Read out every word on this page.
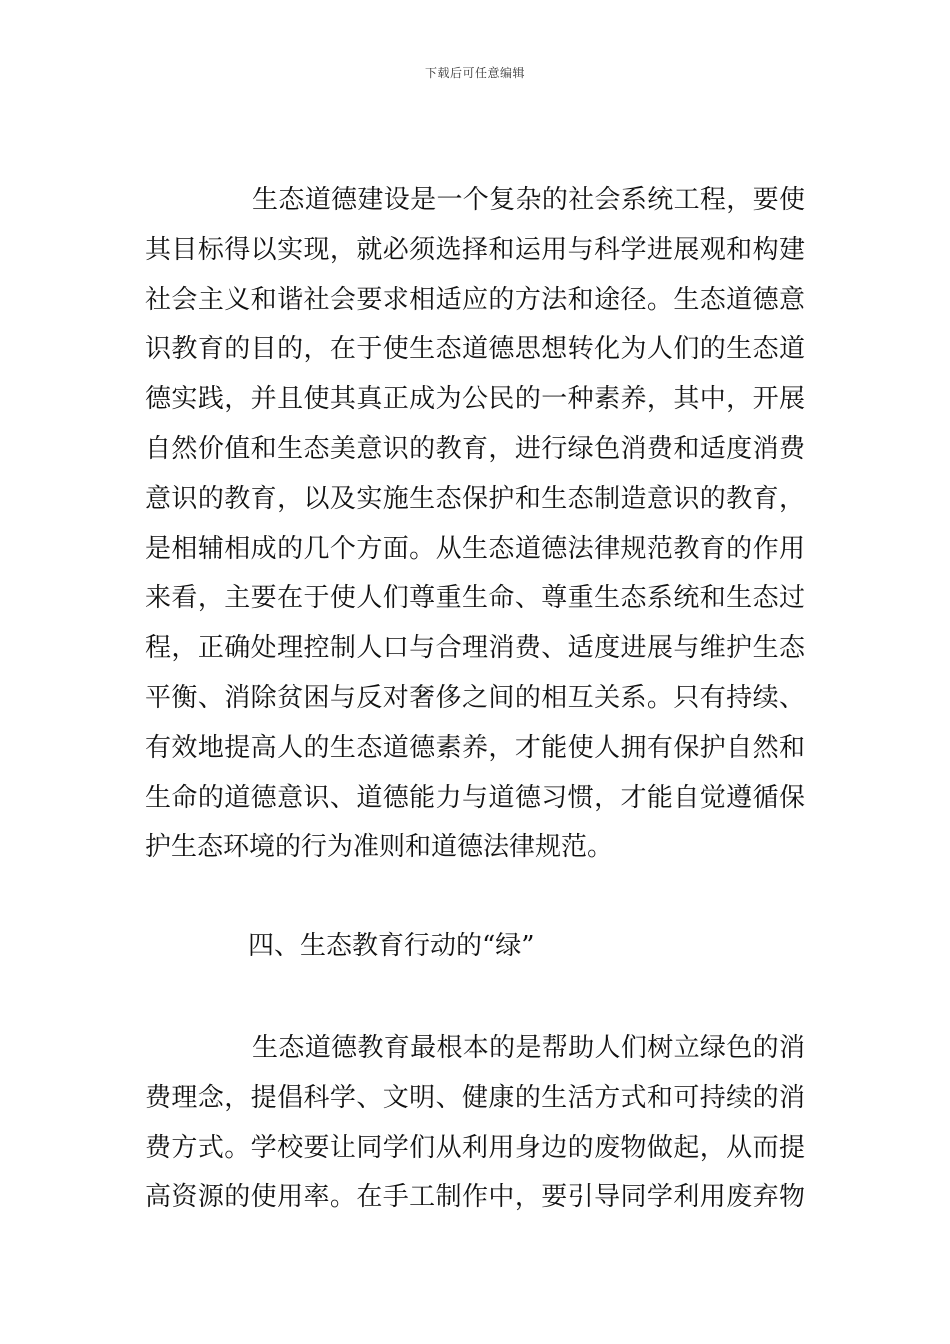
下载后可任意编辑
生态道德建设是一个复杂的社会系统工程，要使
其目标得以实现，就必须选择和运用与科学进展观和构建
社会主义和谐社会要求相适应的方法和途径。生态道德意
识教育的目的，在于使生态道德思想转化为人们的生态道
德实践，并且使其真正成为公民的一种素养，其中，开展
自然价值和生态美意识的教育，进行绿色消费和适度消费
意识的教育，以及实施生态保护和生态制造意识的教育，
是相辅相成的几个方面。从生态道德法律规范教育的作用
来看，主要在于使人们尊重生命、尊重生态系统和生态过
程，正确处理控制人口与合理消费、适度进展与维护生态
平衡、消除贫困与反对奢侈之间的相互关系。只有持续、
有效地提高人的生态道德素养，才能使人拥有保护自然和
生命的道德意识、道德能力与道德习惯，才能自觉遵循保
护生态环境的行为准则和道德法律规范。
四、生态教育行动的“绿”
生态道德教育最根本的是帮助人们树立绿色的消
费理念，提倡科学、文明、健康的生活方式和可持续的消
费方式。学校要让同学们从利用身边的废物做起，从而提
高资源的使用率。在手工制作中，要引导同学利用废弃物
